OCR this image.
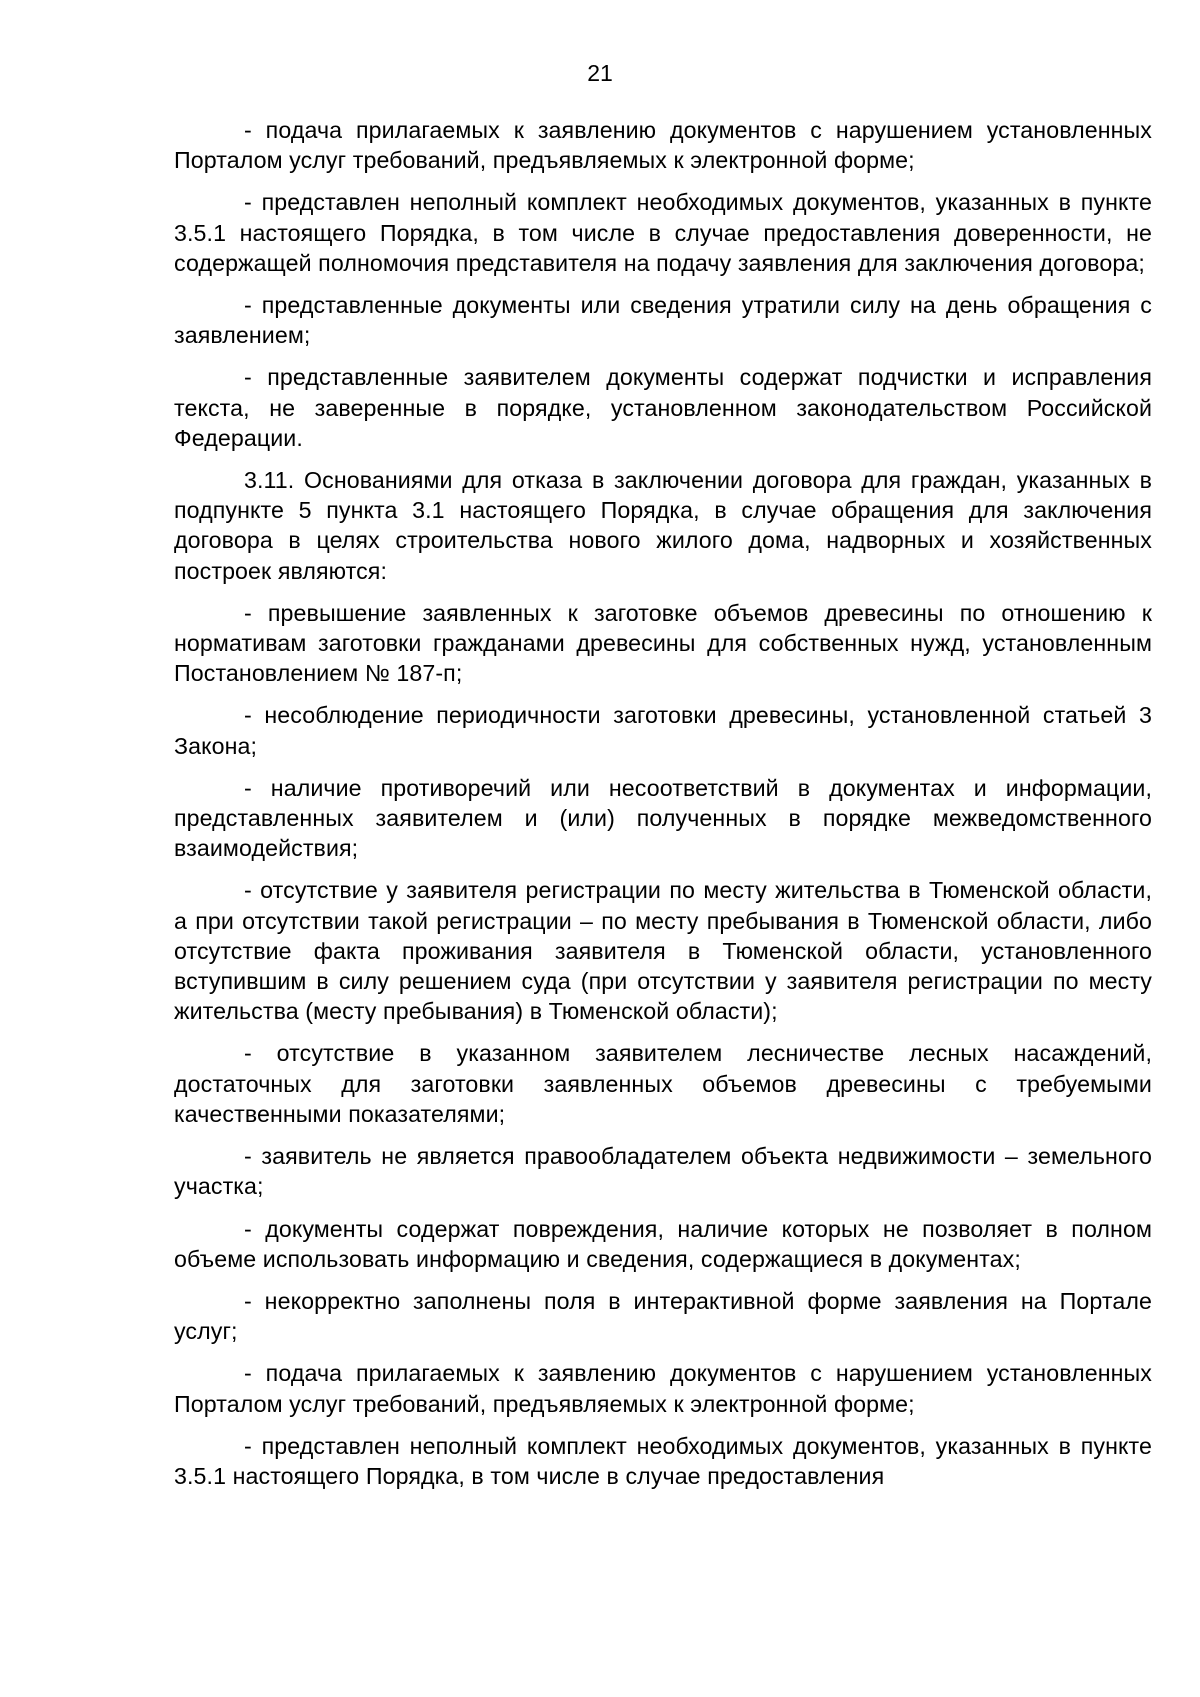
21

- подача прилагаемых к заявлению документов с нарушением установленных Порталом услуг требований, предъявляемых к электронной форме;

- представлен неполный комплект необходимых документов, указанных в пункте 3.5.1 настоящего Порядка, в том числе в случае предоставления доверенности, не содержащей полномочия представителя на подачу заявления для заключения договора;

- представленные документы или сведения утратили силу на день обращения с заявлением;

- представленные заявителем документы содержат подчистки и исправления текста, не заверенные в порядке, установленном законодательством Российской Федерации.

3.11. Основаниями для отказа в заключении договора для граждан, указанных в подпункте 5 пункта 3.1 настоящего Порядка, в случае обращения для заключения договора в целях строительства нового жилого дома, надворных и хозяйственных построек являются:

- превышение заявленных к заготовке объемов древесины по отношению к нормативам заготовки гражданами древесины для собственных нужд, установленным Постановлением № 187-п;

- несоблюдение периодичности заготовки древесины, установленной статьей 3 Закона;

- наличие противоречий или несоответствий в документах и информации, представленных заявителем и (или) полученных в порядке межведомственного взаимодействия;

- отсутствие у заявителя регистрации по месту жительства в Тюменской области, а при отсутствии такой регистрации – по месту пребывания в Тюменской области, либо отсутствие факта проживания заявителя в Тюменской области, установленного вступившим в силу решением суда (при отсутствии у заявителя регистрации по месту жительства (месту пребывания) в Тюменской области);

- отсутствие в указанном заявителем лесничестве лесных насаждений, достаточных для заготовки заявленных объемов древесины с требуемыми качественными показателями;

- заявитель не является правообладателем объекта недвижимости – земельного участка;

- документы содержат повреждения, наличие которых не позволяет в полном объеме использовать информацию и сведения, содержащиеся в документах;

- некорректно заполнены поля в интерактивной форме заявления на Портале услуг;

- подача прилагаемых к заявлению документов с нарушением установленных Порталом услуг требований, предъявляемых к электронной форме;

- представлен неполный комплект необходимых документов, указанных в пункте 3.5.1 настоящего Порядка, в том числе в случае предоставления
